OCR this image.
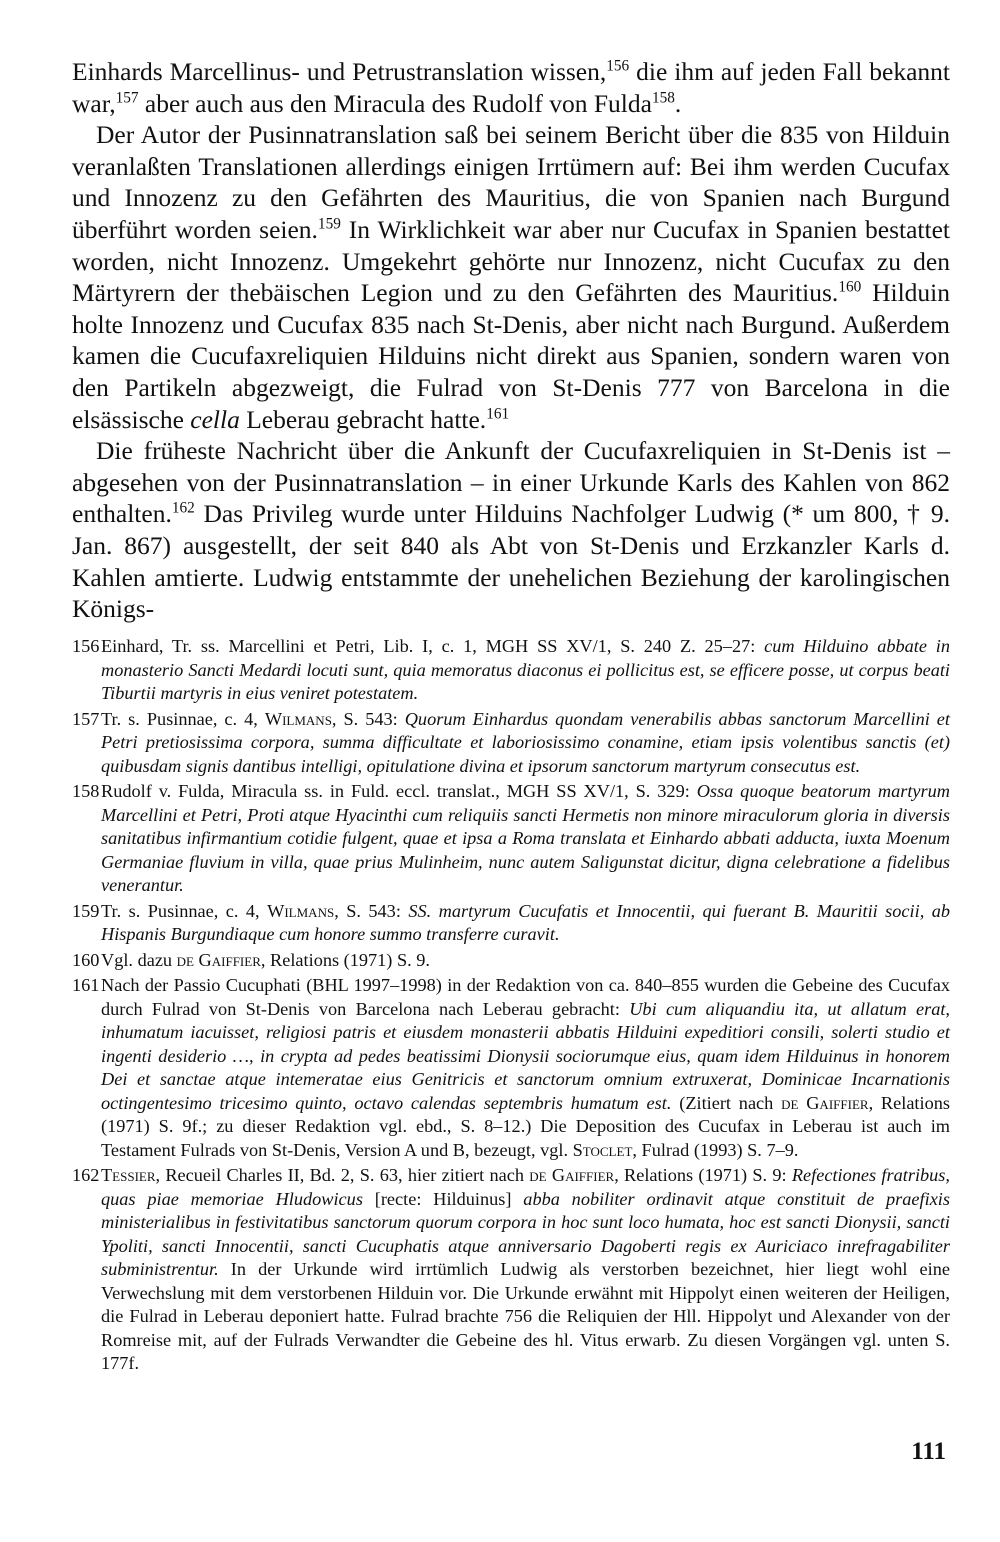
Einhards Marcellinus- und Petrustranslation wissen,$^{156}$ die ihm auf jeden Fall bekannt war,$^{157}$ aber auch aus den Miracula des Rudolf von Fulda$^{158}$.

Der Autor der Pusinnatranslation saß bei seinem Bericht über die 835 von Hilduin veranlaßten Translationen allerdings einigen Irrtümern auf: Bei ihm werden Cucufax und Innozenz zu den Gefährten des Mauritius, die von Spanien nach Burgund überführt worden seien.$^{159}$ In Wirklichkeit war aber nur Cucufax in Spanien bestattet worden, nicht Innozenz. Umgekehrt gehörte nur Innozenz, nicht Cucufax zu den Märtyrern der thebäischen Legion und zu den Gefährten des Mauritius.$^{160}$ Hilduin holte Innozenz und Cucufax 835 nach St-Denis, aber nicht nach Burgund. Außerdem kamen die Cucufaxreliquien Hilduins nicht direkt aus Spanien, sondern waren von den Partikeln abgezweigt, die Fulrad von St-Denis 777 von Barcelona in die elsässische cella Leberau gebracht hatte.$^{161}$

Die früheste Nachricht über die Ankunft der Cucufaxreliquien in St-Denis ist – abgesehen von der Pusinnatranslation – in einer Urkunde Karls des Kahlen von 862 enthalten.$^{162}$ Das Privileg wurde unter Hilduins Nachfolger Ludwig (* um 800, † 9. Jan. 867) ausgestellt, der seit 840 als Abt von St-Denis und Erzkanzler Karls d. Kahlen amtierte. Ludwig entstammte der unehelichen Beziehung der karolingischen Königs-

156 Einhard, Tr. ss. Marcellini et Petri, Lib. I, c. 1, MGH SS XV/1, S. 240 Z. 25–27: cum Hilduino abbate in monasterio Sancti Medardi locuti sunt, quia memoratus diaconus ei pollicitus est, se efficere posse, ut corpus beati Tiburtii martyris in eius veniret potestatem.
157 Tr. s. Pusinnae, c. 4, Wilmans, S. 543: Quorum Einhardus quondam venerabilis abbas sanctorum Marcellini et Petri pretiosissima corpora, summa difficultate et laboriosissimo conamine, etiam ipsis volentibus sanctis (et) quibusdam signis dantibus intelligi, opitulatione divina et ipsorum sanctorum martyrum consecutus est.
158 Rudolf v. Fulda, Miracula ss. in Fuld. eccl. translat., MGH SS XV/1, S. 329: Ossa quoque beatorum martyrum Marcellini et Petri, Proti atque Hyacinthi cum reliquiis sancti Hermetis non minore miraculorum gloria in diversis sanitatibus infirmantium cotidie fulgent, quae et ipsa a Roma translata et Einhardo abbati adducta, iuxta Moenum Germaniae fluvium in villa, quae prius Mulinheim, nunc autem Saligunstat dicitur, digna celebratione a fidelibus venerantur.
159 Tr. s. Pusinnae, c. 4, Wilmans, S. 543: SS. martyrum Cucufatis et Innocentii, qui fuerant B. Mauritii socii, ab Hispanis Burgundiaque cum honore summo transferre curavit.
160 Vgl. dazu de Gaiffier, Relations (1971) S. 9.
161 Nach der Passio Cucuphati (BHL 1997–1998) in der Redaktion von ca. 840–855 wurden die Gebeine des Cucufax durch Fulrad von St-Denis von Barcelona nach Leberau gebracht: Ubi cum aliquandiu ita, ut allatum erat, inhumatum iacuisset, religiosi patris et eiusdem monasterii abbatis Hilduini expeditiori consili, solerti studio et ingenti desiderio …, in crypta ad pedes beatissimi Dionysii sociorumque eius, quam idem Hilduinus in honorem Dei et sanctae atque intemeratae eius Genitricis et sanctorum omnium extruxerat, Dominicae Incarnationis octingentesimo tricesimo quinto, octavo calendas septembris humatum est. (Zitiert nach de Gaiffier, Relations (1971) S. 9f.; zu dieser Redaktion vgl. ebd., S. 8–12.) Die Deposition des Cucufax in Leberau ist auch im Testament Fulrads von St-Denis, Version A und B, bezeugt, vgl. Stoclet, Fulrad (1993) S. 7–9.
162 Tessier, Recueil Charles II, Bd. 2, S. 63, hier zitiert nach de Gaiffier, Relations (1971) S. 9: Refectiones fratribus, quas piae memoriae Hludowicus [recte: Hilduinus] abba nobiliter ordinavit atque constituit de praefixis ministerialibus in festivitatibus sanctorum quorum corpora in hoc sunt loco humata, hoc est sancti Dionysii, sancti Ypoliti, sancti Innocentii, sancti Cucuphatis atque anniversario Dagoberti regis ex Auriciaco inrefragabiliter subministrentur. In der Urkunde wird irrtümlich Ludwig als verstorben bezeichnet, hier liegt wohl eine Verwechslung mit dem verstorbenen Hilduin vor. Die Urkunde erwähnt mit Hippolyt einen weiteren der Heiligen, die Fulrad in Leberau deponiert hatte. Fulrad brachte 756 die Reliquien der Hll. Hippolyt und Alexander von der Romreise mit, auf der Fulrads Verwandter die Gebeine des hl. Vitus erwarb. Zu diesen Vorgängen vgl. unten S. 177f.
111
